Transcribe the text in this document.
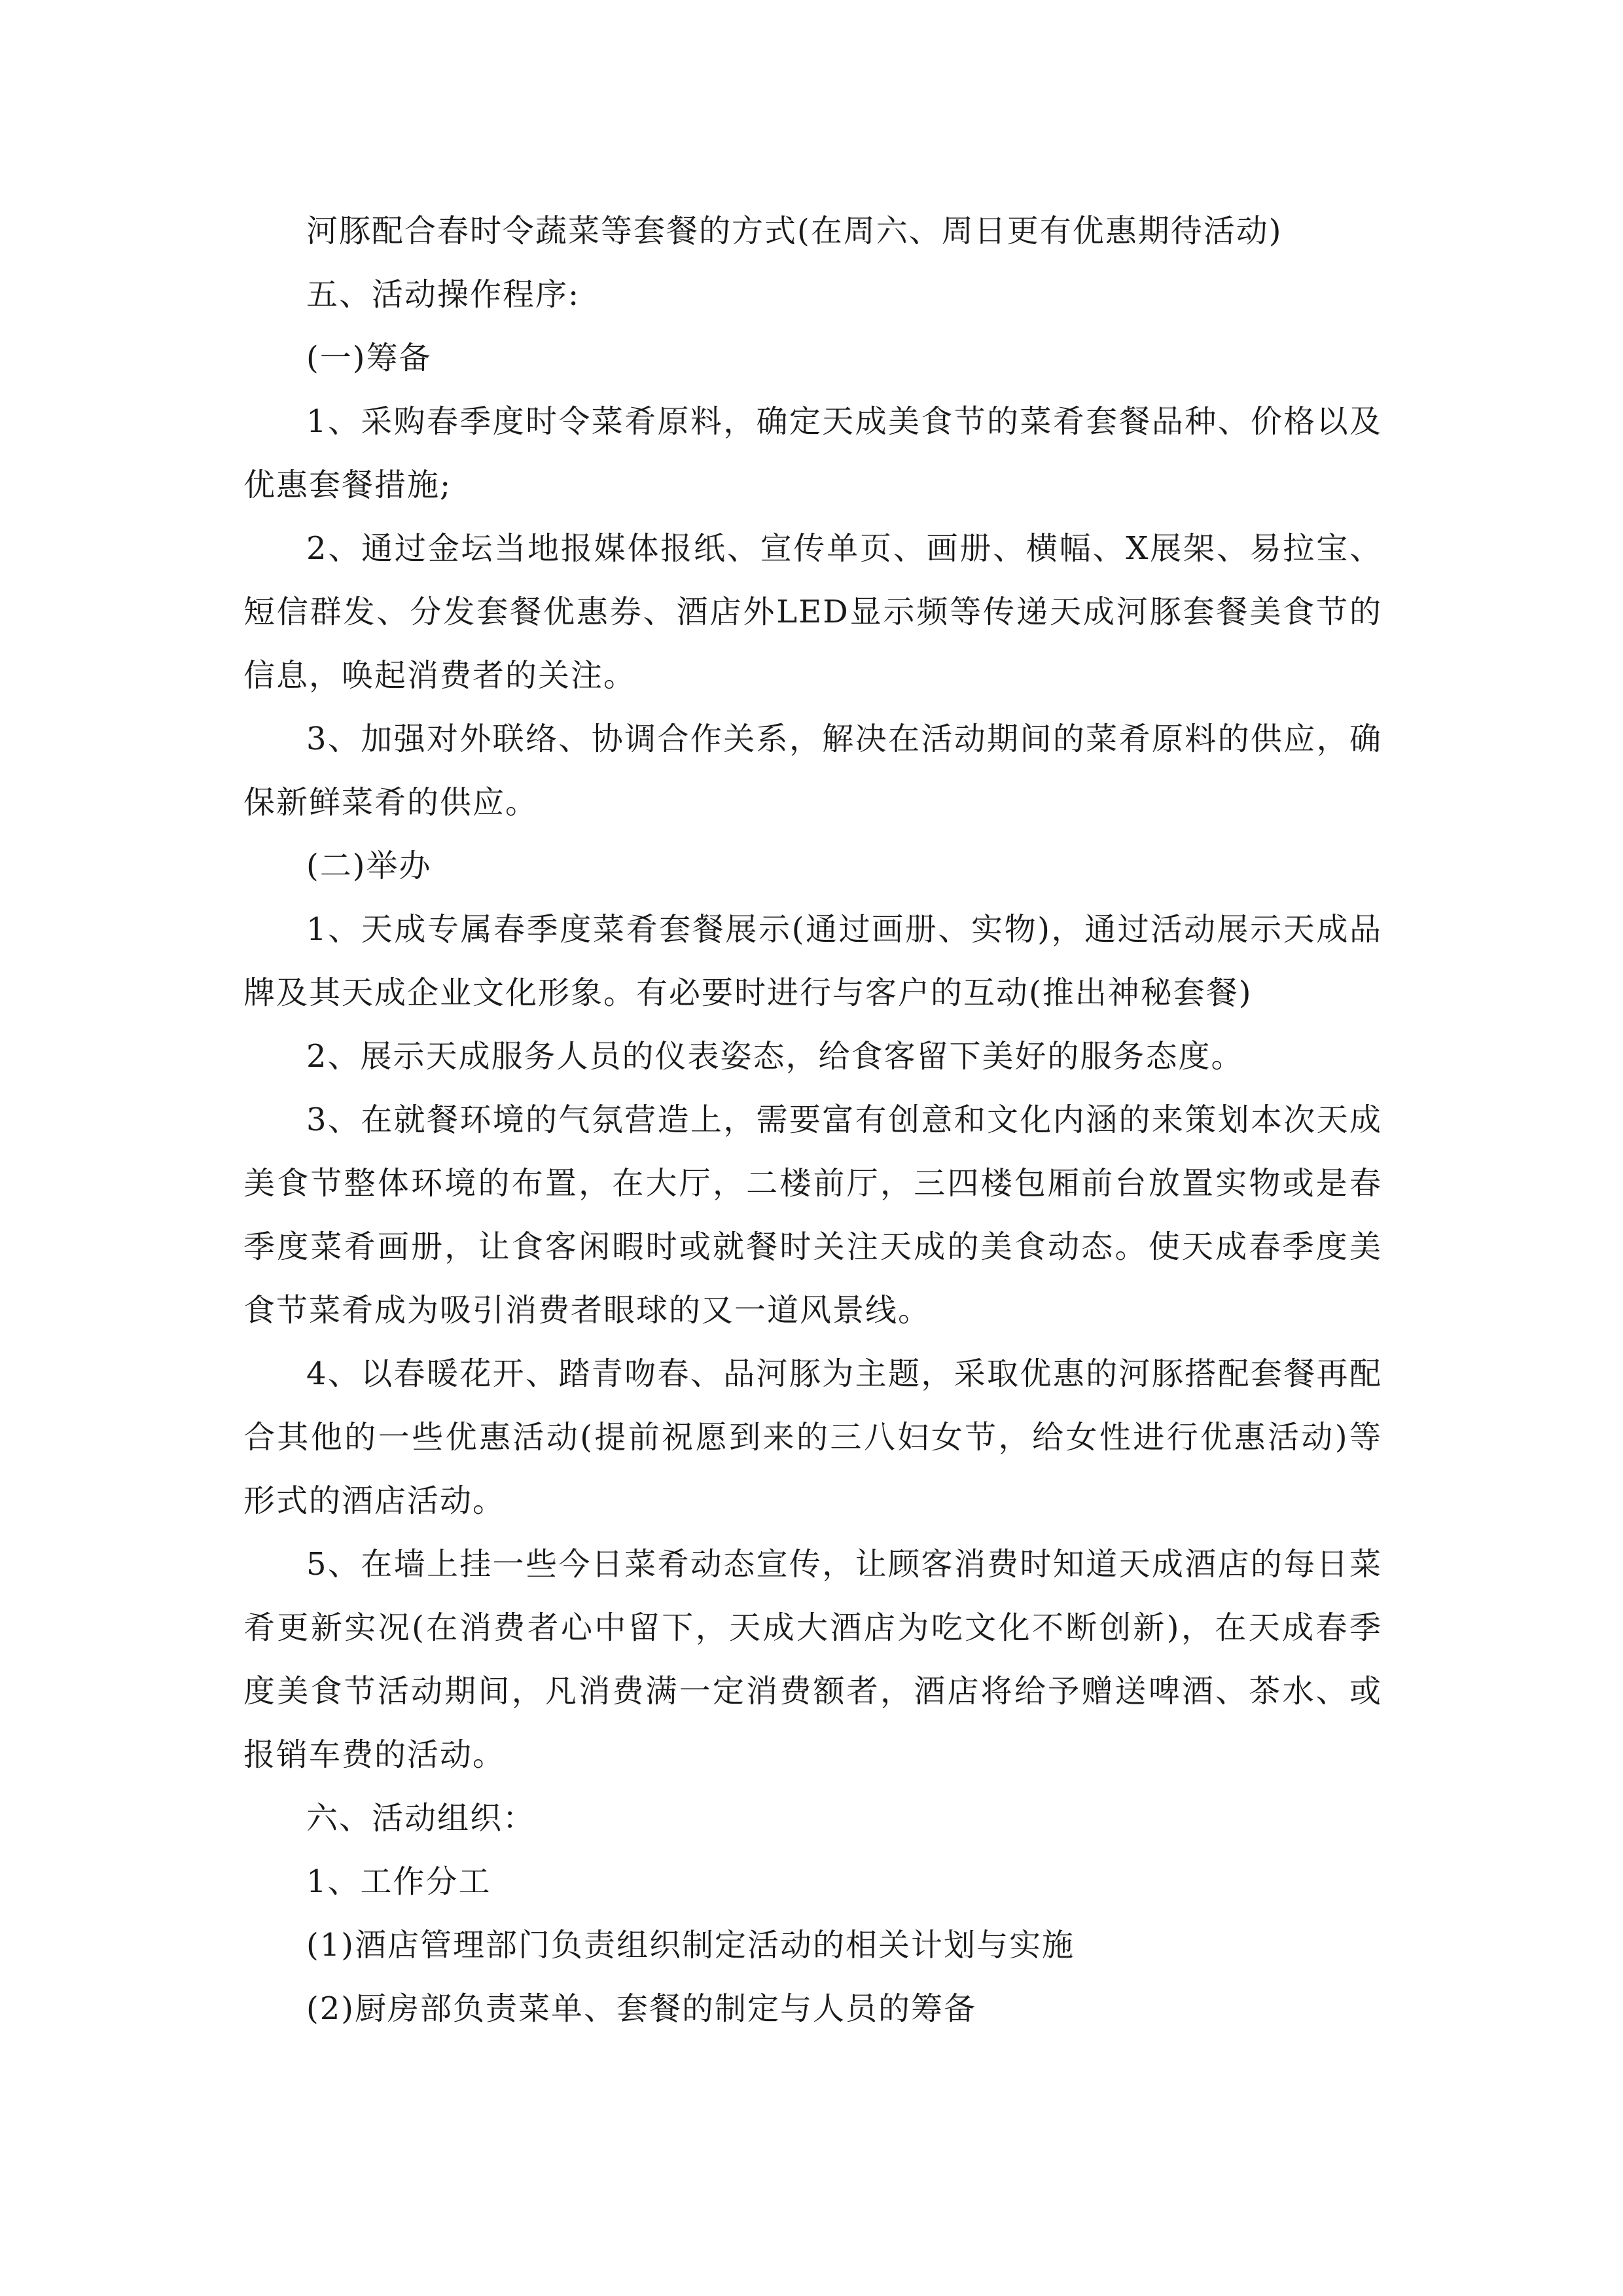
河豚配合春时令蔬菜等套餐的方式(在周六、周日更有优惠期待活动)

五、活动操作程序:

(一)筹备

1、采购春季度时令菜肴原料，确定天成美食节的菜肴套餐品种、价格以及优惠套餐措施;

2、通过金坛当地报媒体报纸、宣传单页、画册、横幅、X展架、易拉宝、短信群发、分发套餐优惠券、酒店外LED显示频等传递天成河豚套餐美食节的信息，唤起消费者的关注。

3、加强对外联络、协调合作关系，解决在活动期间的菜肴原料的供应，确保新鲜菜肴的供应。

(二)举办

1、天成专属春季度菜肴套餐展示(通过画册、实物)，通过活动展示天成品牌及其天成企业文化形象。有必要时进行与客户的互动(推出神秘套餐)

2、展示天成服务人员的仪表姿态，给食客留下美好的服务态度。

3、在就餐环境的气氛营造上，需要富有创意和文化内涵的来策划本次天成美食节整体环境的布置，在大厅，二楼前厅，三四楼包厢前台放置实物或是春季度菜肴画册，让食客闲暇时或就餐时关注天成的美食动态。使天成春季度美食节菜肴成为吸引消费者眼球的又一道风景线。

4、以春暖花开、踏青吻春、品河豚为主题，采取优惠的河豚搭配套餐再配合其他的一些优惠活动(提前祝愿到来的三八妇女节，给女性进行优惠活动)等形式的酒店活动。

5、在墙上挂一些今日菜肴动态宣传，让顾客消费时知道天成酒店的每日菜肴更新实况(在消费者心中留下，天成大酒店为吃文化不断创新)，在天成春季度美食节活动期间，凡消费满一定消费额者，酒店将给予赠送啤酒、茶水、或报销车费的活动。

六、活动组织：

1、工作分工

(1)酒店管理部门负责组织制定活动的相关计划与实施

(2)厨房部负责菜单、套餐的制定与人员的筹备
